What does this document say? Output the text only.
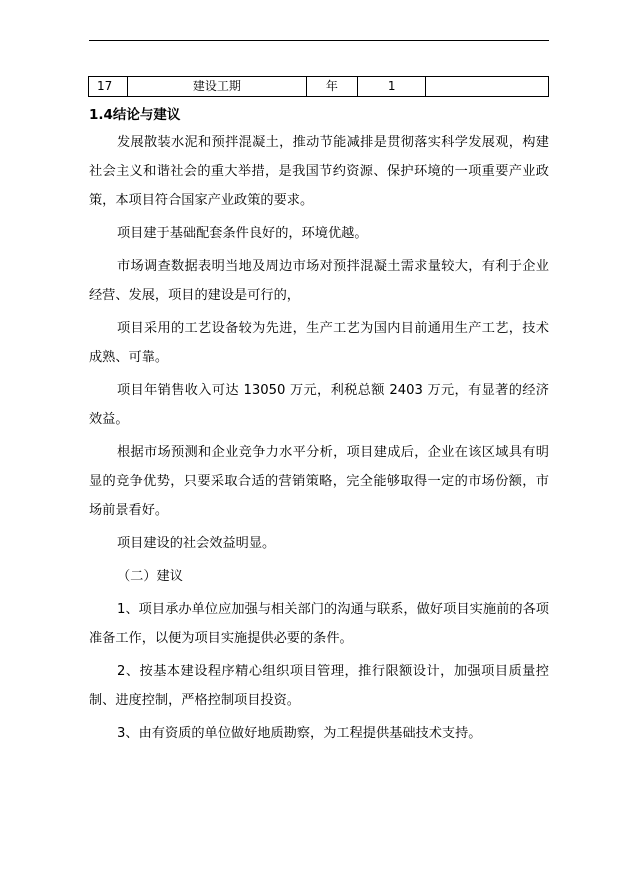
17	建设工期	年	1	
1.4结论与建议

发展散装水泥和预拌混凝土，推动节能减排是贯彻落实科学发展观，构建社会主义和谐社会的重大举措，是我国节约资源、保护环境的一项重要产业政策，本项目符合国家产业政策的要求。

项目建于基础配套条件良好的，环境优越。

市场调查数据表明当地及周边市场对预拌混凝土需求量较大，有利于企业经营、发展，项目的建设是可行的，

项目采用的工艺设备较为先进，生产工艺为国内目前通用生产工艺，技术成熟、可靠。

项目年销售收入可达 13050 万元，利税总额 2403 万元，有显著的经济效益。

根据市场预测和企业竞争力水平分析，项目建成后，企业在该区域具有明显的竞争优势，只要采取合适的营销策略，完全能够取得一定的市场份额，市场前景看好。

项目建设的社会效益明显。

（二）建议

1、项目承办单位应加强与相关部门的沟通与联系，做好项目实施前的各项准备工作，以便为项目实施提供必要的条件。

2、按基本建设程序精心组织项目管理，推行限额设计，加强项目质量控制、进度控制，严格控制项目投资。

3、由有资质的单位做好地质勘察，为工程提供基础技术支持。
